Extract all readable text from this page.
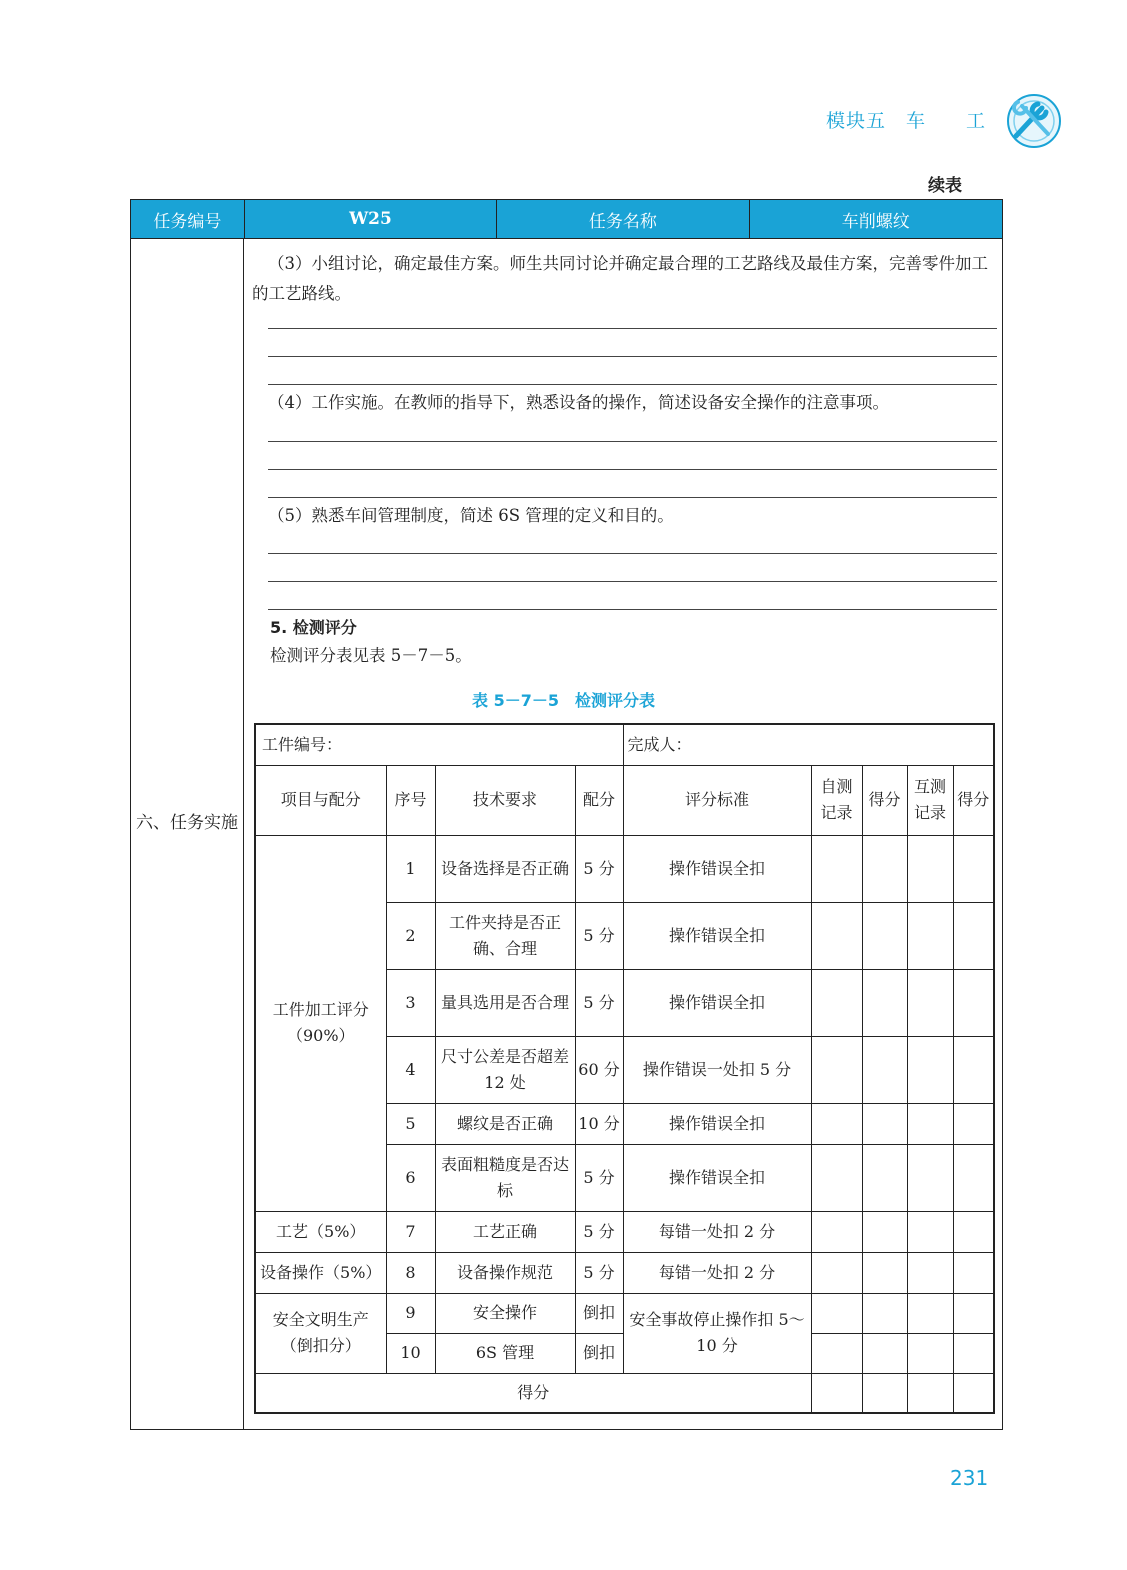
模块五　车　　工
续表
任务编号	W25	任务名称	车削螺纹
六、任务实施
（3）小组讨论，确定最佳方案。师生共同讨论并确定最合理的工艺路线及最佳方案，完善零件加工的工艺路线。
（4）工作实施。在教师的指导下，熟悉设备的操作，简述设备安全操作的注意事项。
（5）熟悉车间管理制度，简述 6S 管理的定义和目的。
5. 检测评分
检测评分表见表 5－7－5。
表 5－7－5　检测评分表
工件编号：				完成人：				
项目与配分	序号	技术要求	配分	评分标准	自测记录	得分	互测记录	得分
工件加工评分（90%）	1	设备选择是否正确	5 分	操作错误全扣				
	2	工件夹持是否正确、合理	5 分	操作错误全扣				
	3	量具选用是否合理	5 分	操作错误全扣				
	4	尺寸公差是否超差 12 处	60 分	操作错误一处扣 5 分				
	5	螺纹是否正确	10 分	操作错误全扣				
	6	表面粗糙度是否达标	5 分	操作错误全扣				
工艺（5%）	7	工艺正确	5 分	每错一处扣 2 分				
设备操作（5%）	8	设备操作规范	5 分	每错一处扣 2 分				
安全文明生产（倒扣分）	9	安全操作	倒扣	安全事故停止操作扣 5～10 分				
	10	6S 管理	倒扣					
得分								
231
